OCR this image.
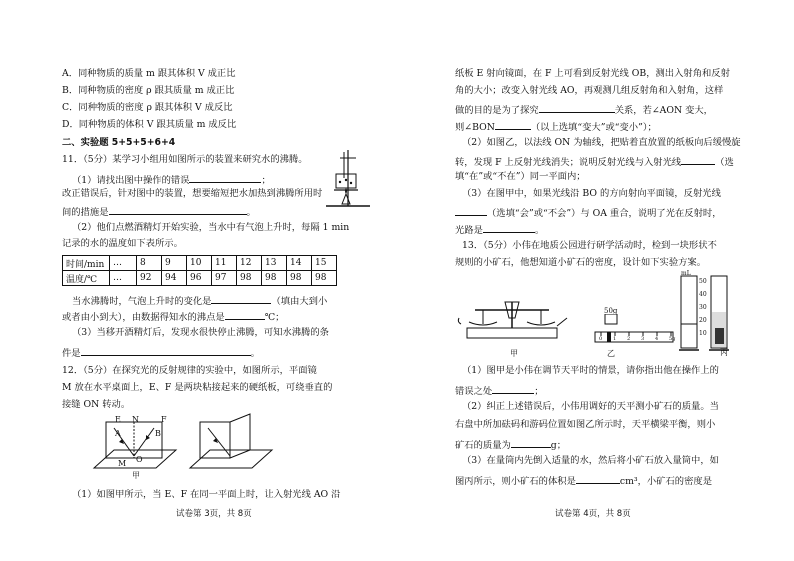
A．同种物质的质量 m 跟其体积 V 成正比
B．同种物质的密度 ρ 跟其质量 m 成正比
C．同种物质的密度 ρ 跟其体积 V 成反比
D．同种物质的体积 V 跟其质量 m 成反比
二、实验题 5+5+5+6+4
11．（5分）某学习小组用如图所示的装置来研究水的沸腾。
（1）请找出图中操作的错误	；
改正错误后，针对图中的装置，想要缩短把水加热到沸腾所用时
间的措施是	。
（2）他们点燃酒精灯开始实验，当水中有气泡上升时，每隔 1 min
记录的水的温度如下表所示。
时间/min	…	8	9	10	11	12	13	14	15
温度/℃	…	92	94	96	97	98	98	98	98
当水沸腾时，气泡上升时的变化是	（填由大到小
或者由小到大），由数据得知水的沸点是	℃；
（3）当移开酒精灯后，发现水很快停止沸腾，可知水沸腾的条
件是	。
12．（5分）在探究光的反射规律的实验中，如图所示，平面镜
M 放在水平桌面上，E、F 是两块粘接起来的硬纸板，可绕垂直的
接缝 ON 转动。
E N	F
A	B
O
M
甲
（1）如图甲所示，当 E、F 在同一平面上时，让入射光线 AO 沿
试卷第 3页，共 8页
纸板 E 射向镜面，在 F 上可看到反射光线 OB，测出入射角和反射
角的大小；改变入射光线 AO，再观测几组反射角和入射角，这样
做的目的是为了探究	关系，若∠AON 变大，
则∠BON	（以上选填“变大”或“变小”）；
（2）如图乙，以法线 ON 为轴线，把贴着直放置的纸板向后缓慢旋
转，发现 F 上反射光线消失；说明反射光线与入射光线	（选
填“在”或“不在”）同一平面内；
（3）在图甲中，如果光线沿 BO 的方向射向平面镜，反射光线
（选填“会”或“不会”）与 OA 重合，说明了光在反射时，
光路是	。
13．（5分）小伟在地质公园进行研学活动时，检到一块形状不
规则的小矿石，他想知道小矿石的密度，设计如下实验方案。
甲
50g
乙
mL
丙
（1）图甲是小伟在调节天平时的情景，请你指出他在操作上的
错误之处	；
（2）纠正上述错误后，小伟用调好的天平测小矿石的质量。当
右盘中所加砝码和游码位置如图乙所示时，天平横梁平衡，则小
矿石的质量为	g；
（3）在量筒内先倒入适量的水，然后将小矿石放入量筒中，如
图丙所示，则小矿石的体积是	cm³，小矿石的密度是
试卷第 4页，共 8页
50
40
30
20
10
0 1 2 3 4 5g
